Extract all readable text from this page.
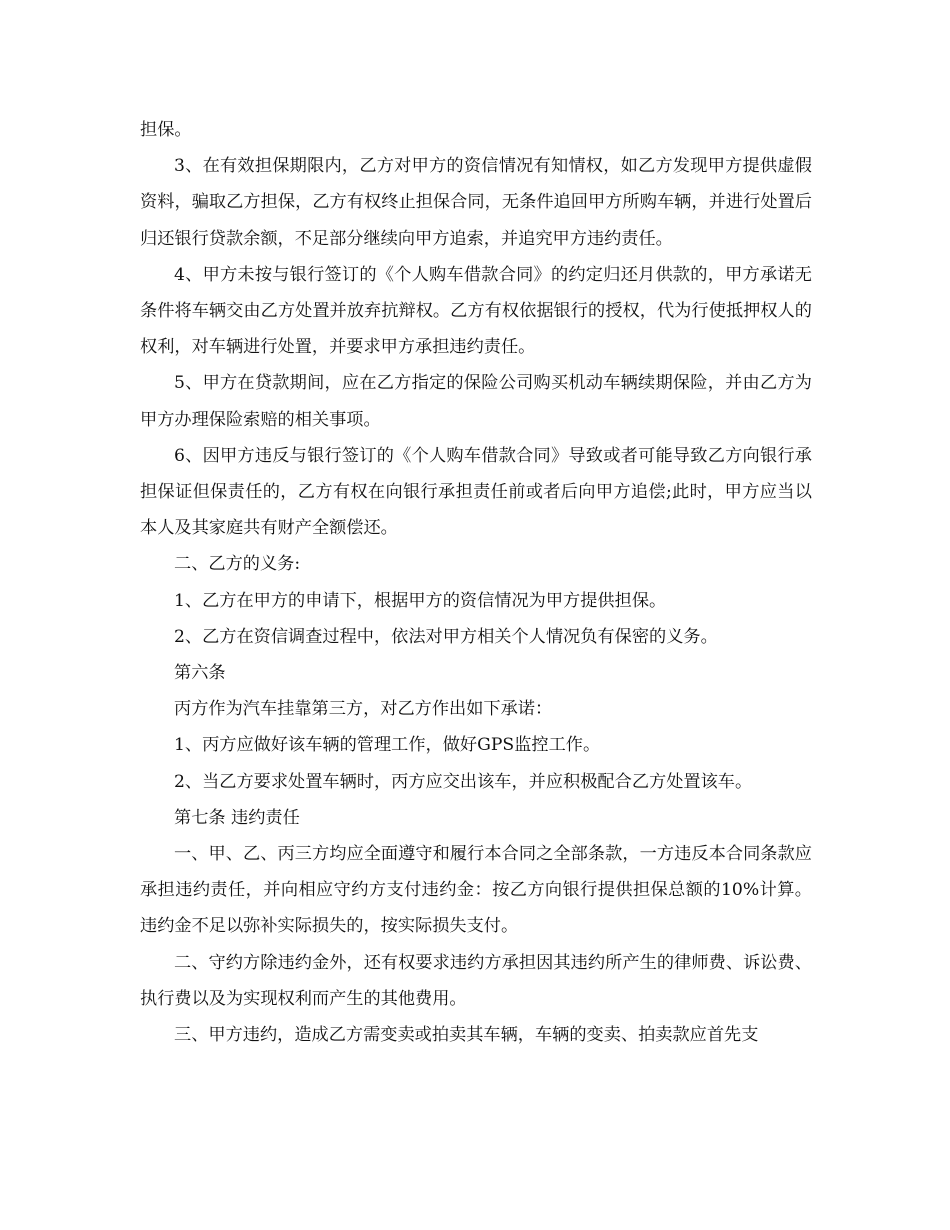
担保。

3、在有效担保期限内，乙方对甲方的资信情况有知情权，如乙方发现甲方提供虚假资料，骗取乙方担保，乙方有权终止担保合同，无条件追回甲方所购车辆，并进行处置后归还银行贷款余额，不足部分继续向甲方追索，并追究甲方违约责任。

4、甲方未按与银行签订的《个人购车借款合同》的约定归还月供款的，甲方承诺无条件将车辆交由乙方处置并放弃抗辩权。乙方有权依据银行的授权，代为行使抵押权人的权利，对车辆进行处置，并要求甲方承担违约责任。

5、甲方在贷款期间，应在乙方指定的保险公司购买机动车辆续期保险，并由乙方为甲方办理保险索赔的相关事项。

6、因甲方违反与银行签订的《个人购车借款合同》导致或者可能导致乙方向银行承担保证但保责任的，乙方有权在向银行承担责任前或者后向甲方追偿;此时，甲方应当以本人及其家庭共有财产全额偿还。

二、乙方的义务:

1、乙方在甲方的申请下，根据甲方的资信情况为甲方提供担保。

2、乙方在资信调查过程中，依法对甲方相关个人情况负有保密的义务。

第六条

丙方作为汽车挂靠第三方，对乙方作出如下承诺：

1、丙方应做好该车辆的管理工作，做好GPS监控工作。

2、当乙方要求处置车辆时，丙方应交出该车，并应积极配合乙方处置该车。

第七条 违约责任

一、甲、乙、丙三方均应全面遵守和履行本合同之全部条款，一方违反本合同条款应承担违约责任，并向相应守约方支付违约金：按乙方向银行提供担保总额的10%计算。违约金不足以弥补实际损失的，按实际损失支付。

二、守约方除违约金外，还有权要求违约方承担因其违约所产生的律师费、诉讼费、执行费以及为实现权利而产生的其他费用。

三、甲方违约，造成乙方需变卖或拍卖其车辆，车辆的变卖、拍卖款应首先支
